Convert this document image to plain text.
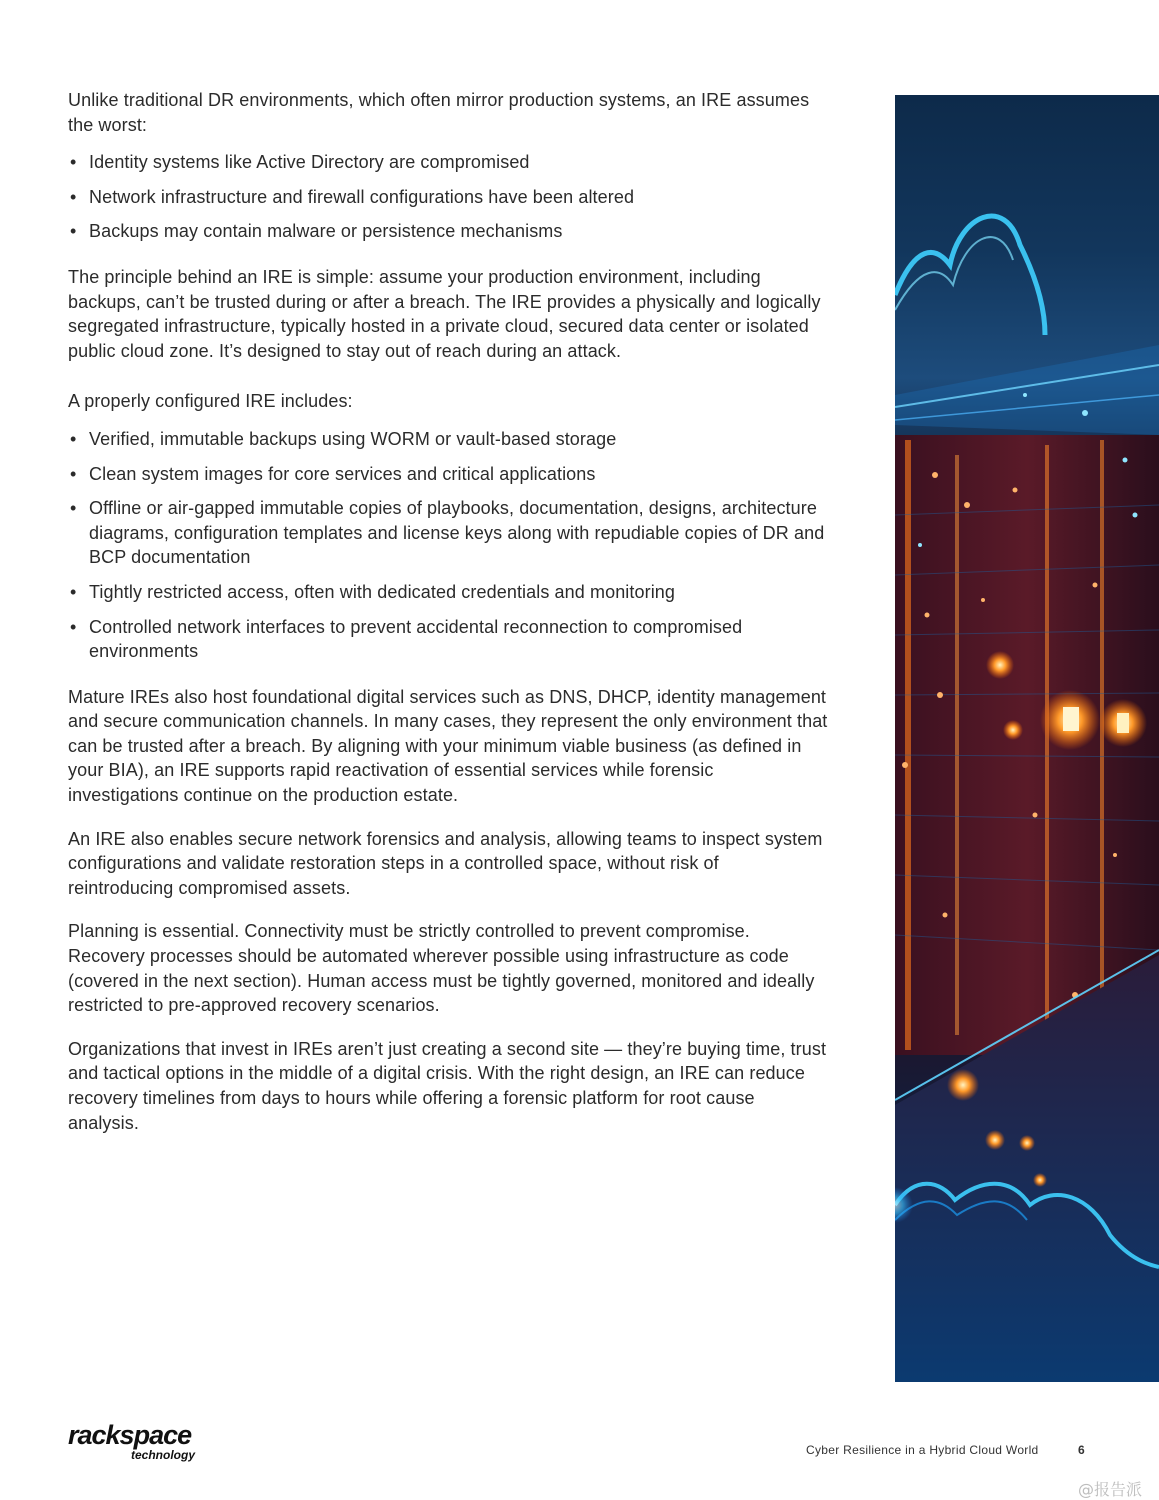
Unlike traditional DR environments, which often mirror production systems, an IRE assumes the worst:

• Identity systems like Active Directory are compromised
• Network infrastructure and firewall configurations have been altered
• Backups may contain malware or persistence mechanisms

The principle behind an IRE is simple: assume your production environment, including backups, can’t be trusted during or after a breach. The IRE provides a physically and logically segregated infrastructure, typically hosted in a private cloud, secured data center or isolated public cloud zone. It’s designed to stay out of reach during an attack.

A properly configured IRE includes:

• Verified, immutable backups using WORM or vault-based storage
• Clean system images for core services and critical applications
• Offline or air-gapped immutable copies of playbooks, documentation, designs, architecture diagrams, configuration templates and license keys along with repudiable copies of DR and BCP documentation
• Tightly restricted access, often with dedicated credentials and monitoring
• Controlled network interfaces to prevent accidental reconnection to compromised environments

Mature IREs also host foundational digital services such as DNS, DHCP, identity management and secure communication channels. In many cases, they represent the only environment that can be trusted after a breach. By aligning with your minimum viable business (as defined in your BIA), an IRE supports rapid reactivation of essential services while forensic investigations continue on the production estate.

An IRE also enables secure network forensics and analysis, allowing teams to inspect system configurations and validate restoration steps in a controlled space, without risk of reintroducing compromised assets.

Planning is essential. Connectivity must be strictly controlled to prevent compromise. Recovery processes should be automated wherever possible using infrastructure as code (covered in the next section). Human access must be tightly governed, monitored and ideally restricted to pre-approved recovery scenarios.

Organizations that invest in IREs aren’t just creating a second site — they’re buying time, trust and tactical options in the middle of a digital crisis. With the right design, an IRE can reduce recovery timelines from days to hours while offering a forensic platform for root cause analysis.

rackspace
technology	Cyber Resilience in a Hybrid Cloud World	6
@报告派
